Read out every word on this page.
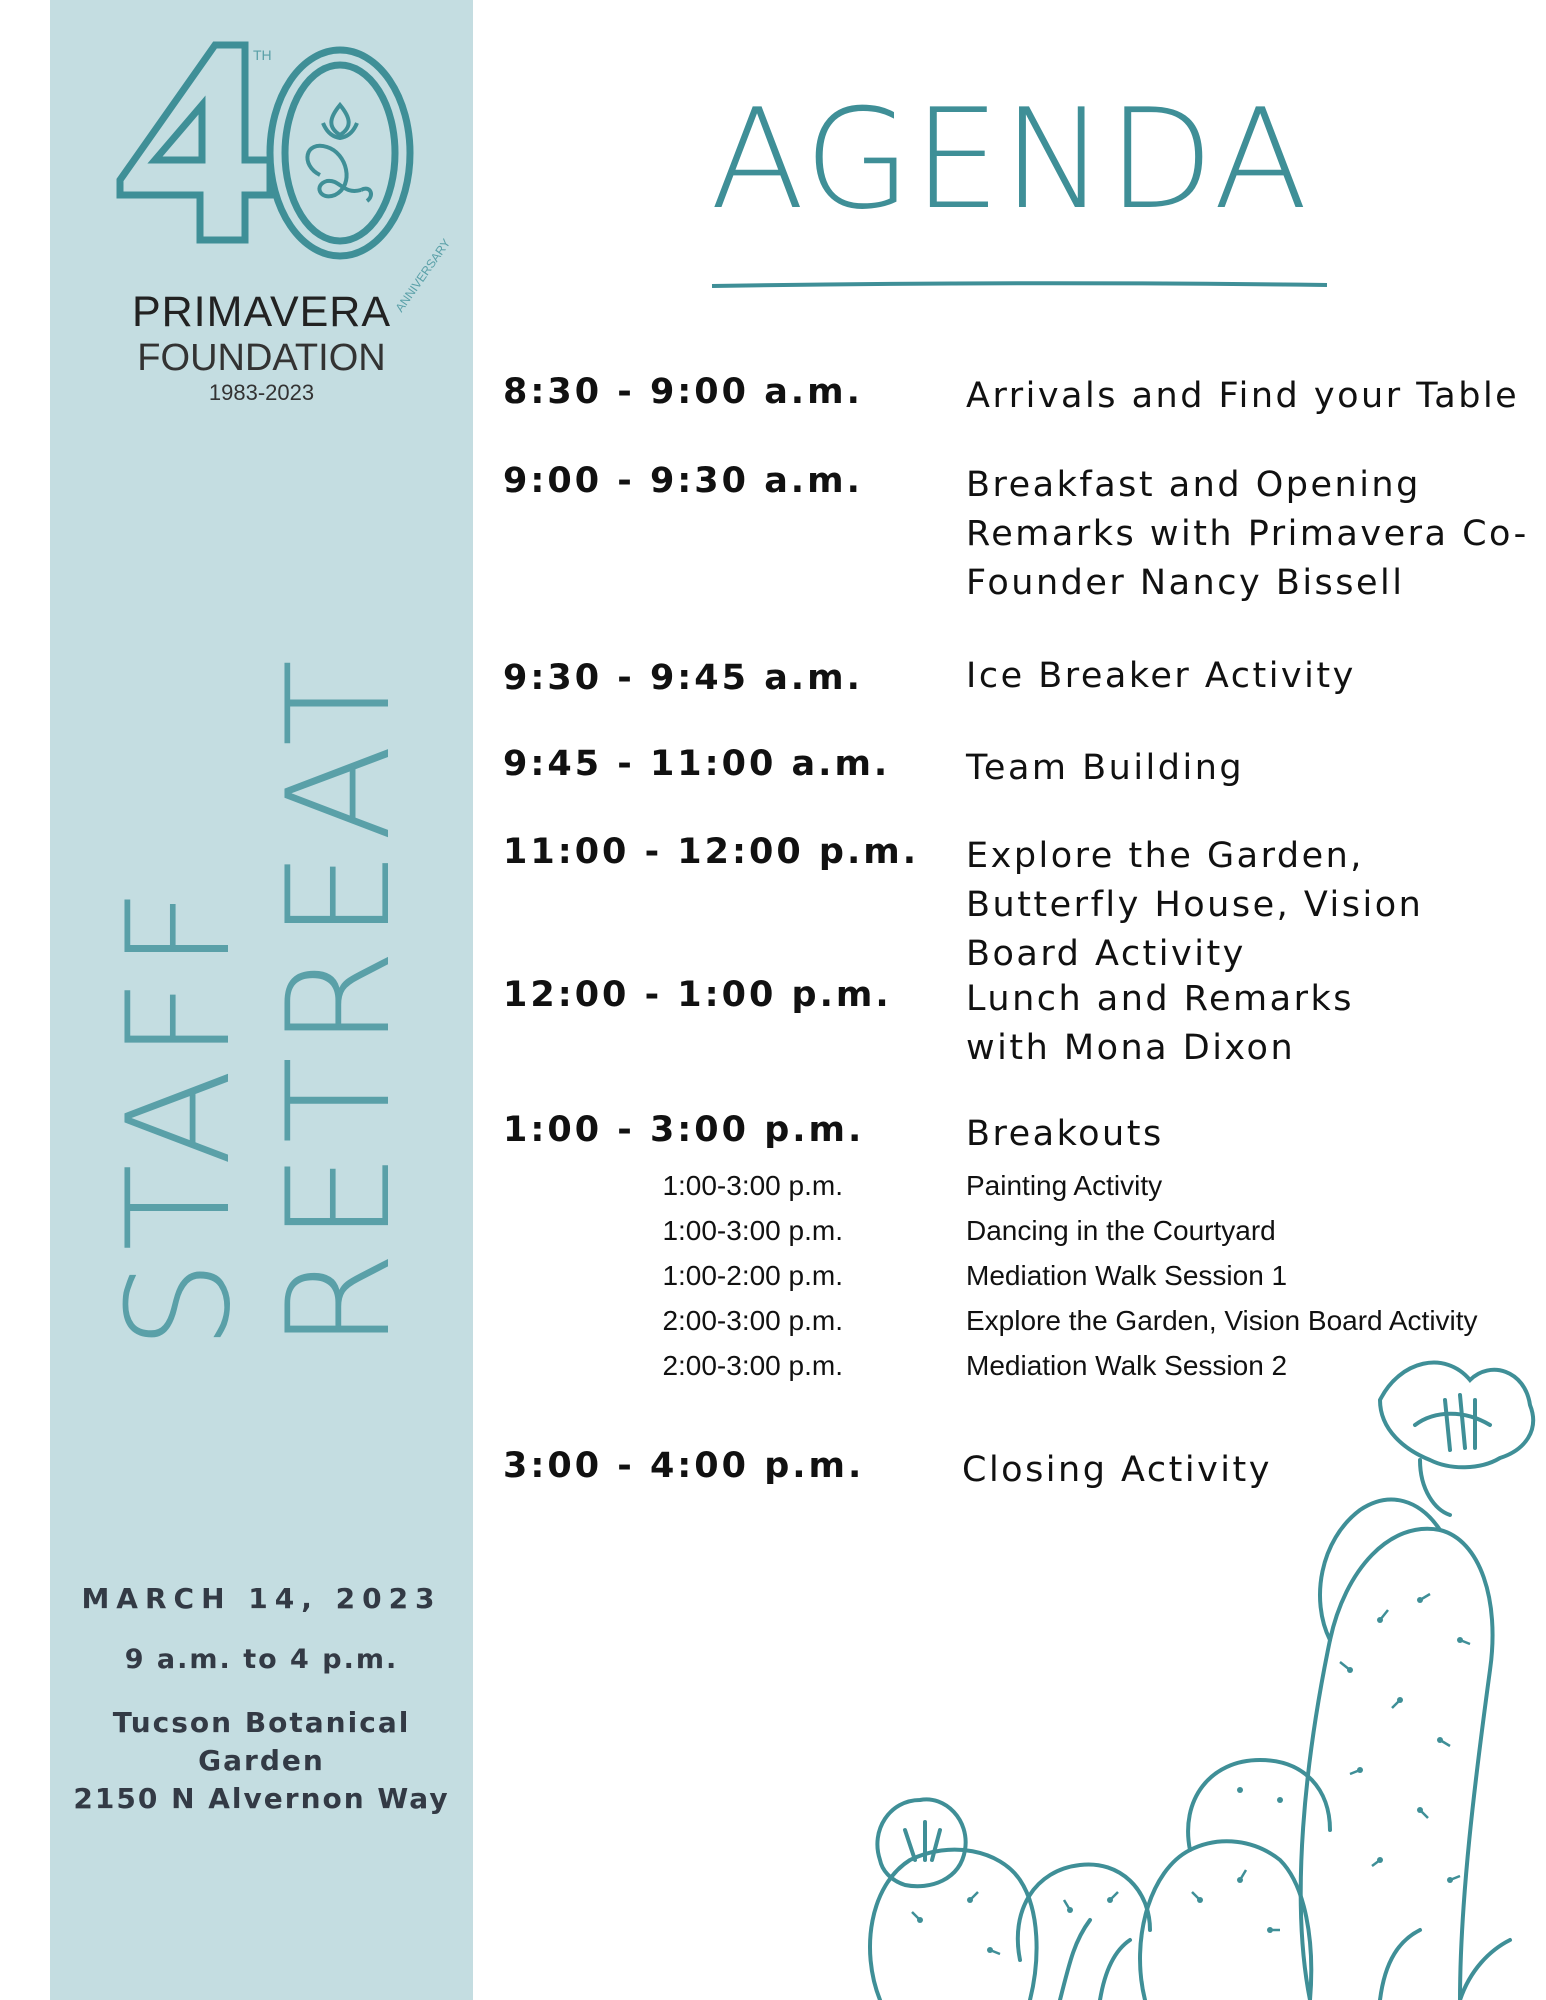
TH
ANNIVERSARY
PRIMAVERA
FOUNDATION
1983-2023
STAFF
RETREAT
MARCH 14, 2023
9 a.m. to 4 p.m.
Tucson Botanical Garden
2150 N Alvernon Way
AGENDA
8:30 - 9:00 a.m.	Arrivals and Find your Table
9:00 - 9:30 a.m.	Breakfast and Opening Remarks with Primavera Co-Founder Nancy Bissell
9:30 - 9:45 a.m.	Ice Breaker Activity
9:45 - 11:00 a.m. Team Building
11:00 - 12:00 p.m. Explore the Garden, Butterfly House, Vision Board Activity
12:00 - 1:00 p.m. Lunch and Remarks with Mona Dixon
1:00 - 3:00 p.m.	Breakouts
1:00-3:00 p.m.	Painting Activity
1:00-3:00 p.m.	Dancing in the Courtyard
1:00-2:00 p.m.	Mediation Walk Session 1
2:00-3:00 p.m.	Explore the Garden, Vision Board Activity
2:00-3:00 p.m.	Mediation Walk Session 2
3:00 - 4:00 p.m.	Closing Activity
